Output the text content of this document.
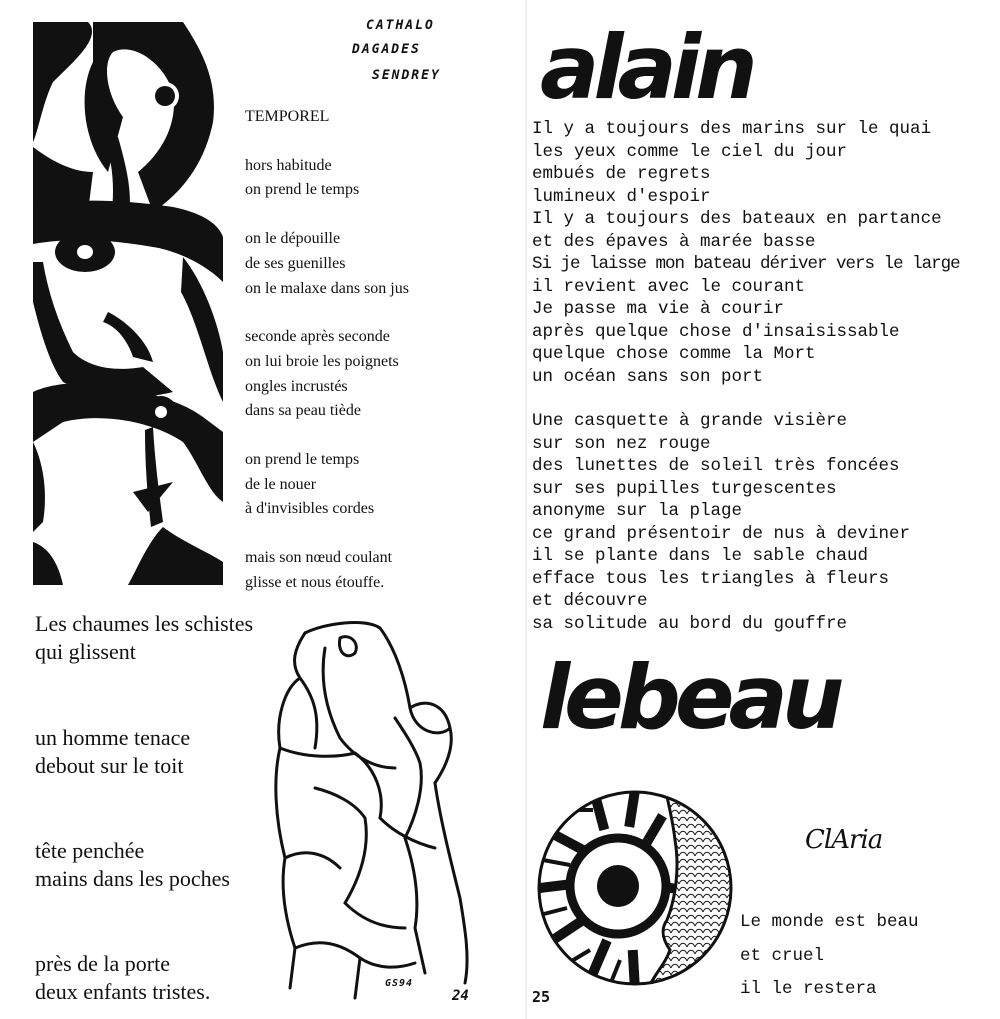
94
GS
CATHALO
DAGADES
SENDREY

TEMPOREL

hors habitude

on prend le temps

on le dépouille

de ses guenilles

on le malaxe dans son jus

seconde après seconde

on lui broie les poignets

ongles incrustés

dans sa peau tiède

on prend le temps

de le nouer

à d'invisibles cordes

mais son nœud coulant

glisse et nous étouffe.

Les chaumes les schistes
qui glissent
un homme tenace
debout sur le toit
tête penchée
mains dans les poches
près de la porte
deux enfants tristes.	GS94
24
alain
Il y a toujours des marins sur le quai
les yeux comme le ciel du jour
embués de regrets
lumineux d'espoir
Il y a toujours des bateaux en partance
et des épaves à marée basse
Si je laisse mon bateau dériver vers le large
il revient avec le courant
Je passe ma vie à courir
après quelque chose d'insaisissable
quelque chose comme la Mort
un océan sans son port
Une casquette à grande visière
sur son nez rouge
des lunettes de soleil très foncées
sur ses pupilles turgescentes
anonyme sur la plage
ce grand présentoir de nus à deviner
il se plante dans le sable chaud
efface tous les triangles à fleurs
et découvre
sa solitude au bord du gouffre
lebeau
ClAria
Le monde est beau
et cruel
il le restera
25
